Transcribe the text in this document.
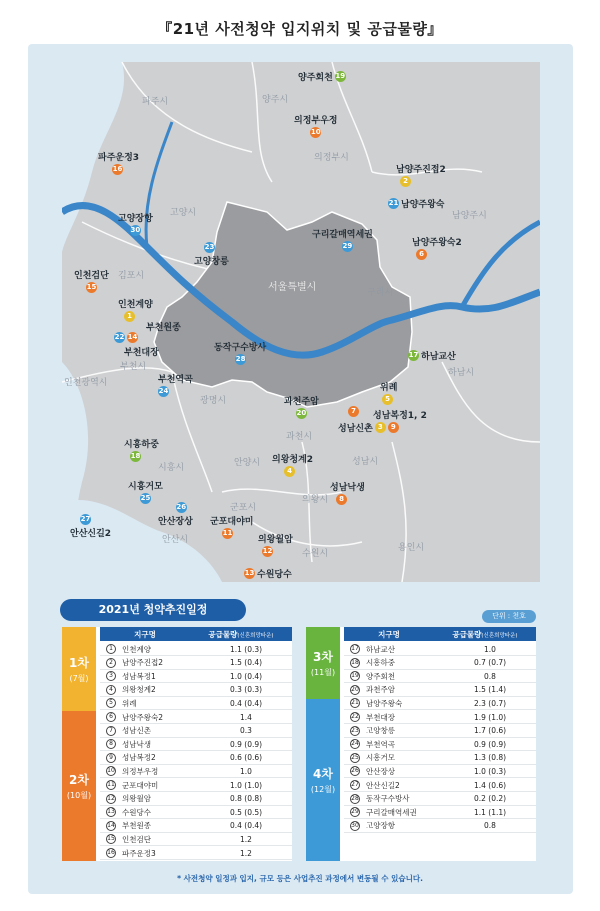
『21년 사전청약 입지위치 및 공급물량』
파주시	양주시
의정부시
고양시	남양주시
김포시
서울특별시	구리시
인천광역시
부천시
하남시
광명시
과천시
시흥시	안양시	성남시
의왕시
군포시
안산시
수원시
용인시
양주회천 19
의정부우정
10
파주운정3
16	남양주진접2
2
21 남양주왕숙
고양장항
30
23
고양창릉
구리갈매역세권
29	남양주왕숙2
6
인천검단
15
인천계양
1
부천원종
22 14
부천대장	동작구수방사
28	17 하남교산
부천역곡
24	위례
5
과천주암
20	성남복정1, 2
7
성남신촌 3	9
시흥하중
18	의왕청계2
4
성남낙생
8
시흥거모
25
26
안산장상
27
안산신길2
군포대야미
11
의왕월암
12
13 수원당수
2021년 청약추진일정	단위 : 천호
지구명	공급물량(신혼희망타운)
1차
(7월)
2차
(10월)
1	인천계양	1.1 (0.3)
2	남양주진접2	1.5 (0.4)
3	성남복정1	1.0 (0.4)
4	의왕청계2	0.3 (0.3)
5	위례	0.4 (0.4)
6	남양주왕숙2	1.4
7	성남신촌	0.3
8	성남낙생	0.9 (0.9)
9	성남복정2	0.6 (0.6)
10 의정부우정	1.0
11 군포대야미	1.0 (1.0)
12 의왕월암	0.8 (0.8)
13 수원당수	0.5 (0.5)
14 부천원종	0.4 (0.4)
15 인천검단	1.2
16 파주운정3	1.2
지구명	공급물량(신혼희망타운)
3차
(11월)
4차
(12월)
17 하남교산	1.0
18 시흥하중	0.7 (0.7)
19 양주회천	0.8
20 과천주암	1.5 (1.4)
21 남양주왕숙	2.3 (0.7)
22 부천대장	1.9 (1.0)
23 고양창릉	1.7 (0.6)
24 부천역곡	0.9 (0.9)
25 시흥거모	1.3 (0.8)
26 안산장상	1.0 (0.3)
27 안산신길2	1.4 (0.6)
28 동작구수방사	0.2 (0.2)
29 구리갈매역세권	1.1 (1.1)
30 고양장항	0.8
* 사전청약 일정과 입지, 규모 등은 사업추진 과정에서 변동될 수 있습니다.
